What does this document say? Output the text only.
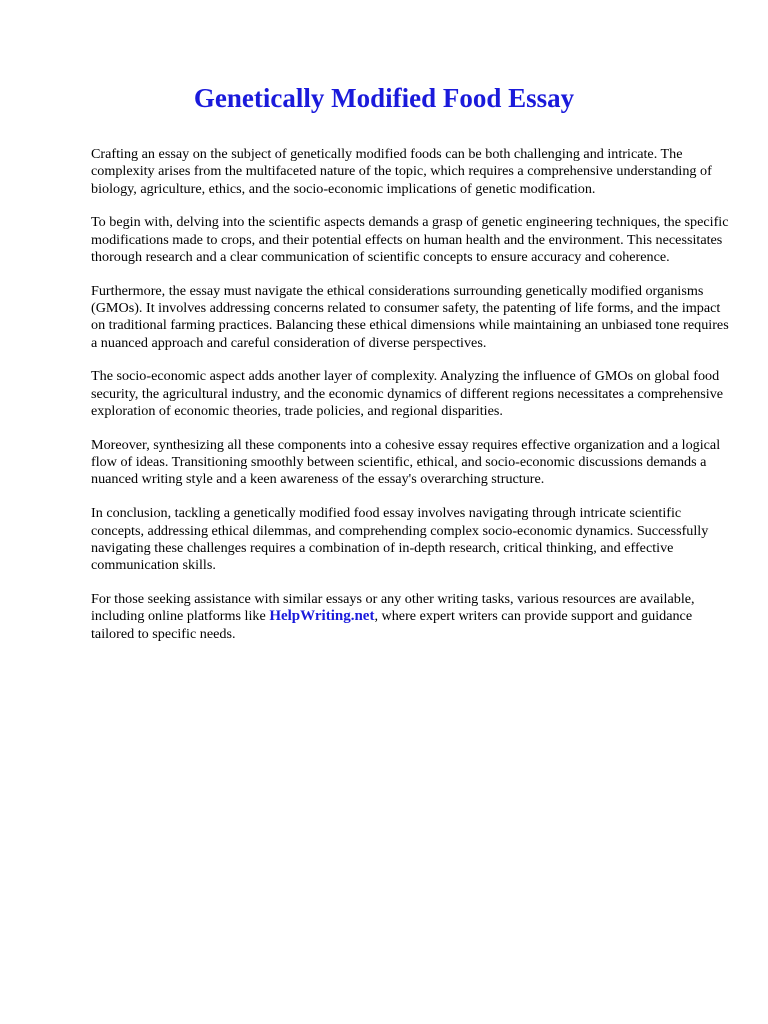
Genetically Modified Food Essay

Crafting an essay on the subject of genetically modified foods can be both challenging and intricate. The complexity arises from the multifaceted nature of the topic, which requires a comprehensive understanding of biology, agriculture, ethics, and the socio-economic implications of genetic modification.

To begin with, delving into the scientific aspects demands a grasp of genetic engineering techniques, the specific modifications made to crops, and their potential effects on human health and the environment. This necessitates thorough research and a clear communication of scientific concepts to ensure accuracy and coherence.

Furthermore, the essay must navigate the ethical considerations surrounding genetically modified organisms (GMOs). It involves addressing concerns related to consumer safety, the patenting of life forms, and the impact on traditional farming practices. Balancing these ethical dimensions while maintaining an unbiased tone requires a nuanced approach and careful consideration of diverse perspectives.

The socio-economic aspect adds another layer of complexity. Analyzing the influence of GMOs on global food security, the agricultural industry, and the economic dynamics of different regions necessitates a comprehensive exploration of economic theories, trade policies, and regional disparities.

Moreover, synthesizing all these components into a cohesive essay requires effective organization and a logical flow of ideas. Transitioning smoothly between scientific, ethical, and socio-economic discussions demands a nuanced writing style and a keen awareness of the essay's overarching structure.

In conclusion, tackling a genetically modified food essay involves navigating through intricate scientific concepts, addressing ethical dilemmas, and comprehending complex socio-economic dynamics. Successfully navigating these challenges requires a combination of in-depth research, critical thinking, and effective communication skills.

For those seeking assistance with similar essays or any other writing tasks, various resources are available, including online platforms like HelpWriting.net, where expert writers can provide support and guidance tailored to specific needs.
